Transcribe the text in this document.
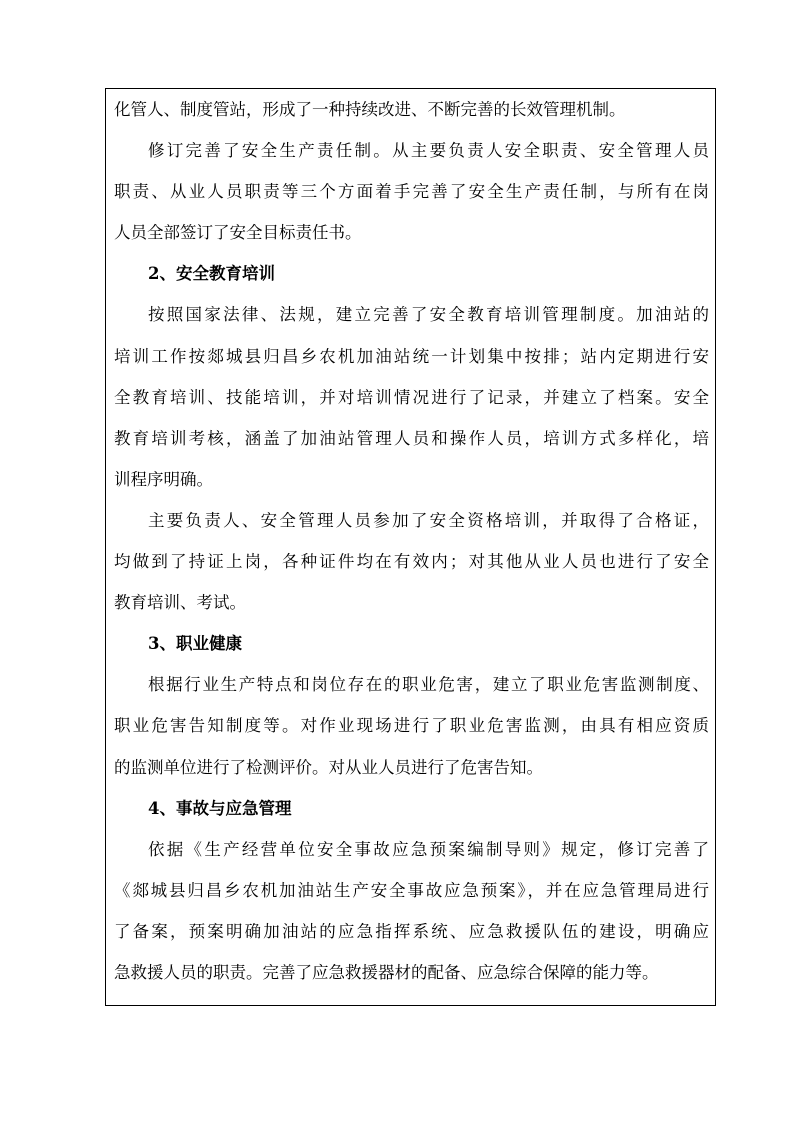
化管人、制度管站，形成了一种持续改进、不断完善的长效管理机制。
修订完善了安全生产责任制。从主要负责人安全职责、安全管理人员
职责、从业人员职责等三个方面着手完善了安全生产责任制，与所有在岗
人员全部签订了安全目标责任书。
2、安全教育培训
按照国家法律、法规，建立完善了安全教育培训管理制度。加油站的
培训工作按郯城县归昌乡农机加油站统一计划集中按排；站内定期进行安
全教育培训、技能培训，并对培训情况进行了记录，并建立了档案。安全
教育培训考核，涵盖了加油站管理人员和操作人员，培训方式多样化，培
训程序明确。
主要负责人、安全管理人员参加了安全资格培训，并取得了合格证，
均做到了持证上岗，各种证件均在有效内；对其他从业人员也进行了安全
教育培训、考试。
3、职业健康
根据行业生产特点和岗位存在的职业危害，建立了职业危害监测制度、
职业危害告知制度等。对作业现场进行了职业危害监测，由具有相应资质
的监测单位进行了检测评价。对从业人员进行了危害告知。
4、事故与应急管理
依据《生产经营单位安全事故应急预案编制导则》规定，修订完善了
《郯城县归昌乡农机加油站生产安全事故应急预案》，并在应急管理局进行
了备案，预案明确加油站的应急指挥系统、应急救援队伍的建设，明确应
急救援人员的职责。完善了应急救援器材的配备、应急综合保障的能力等。
